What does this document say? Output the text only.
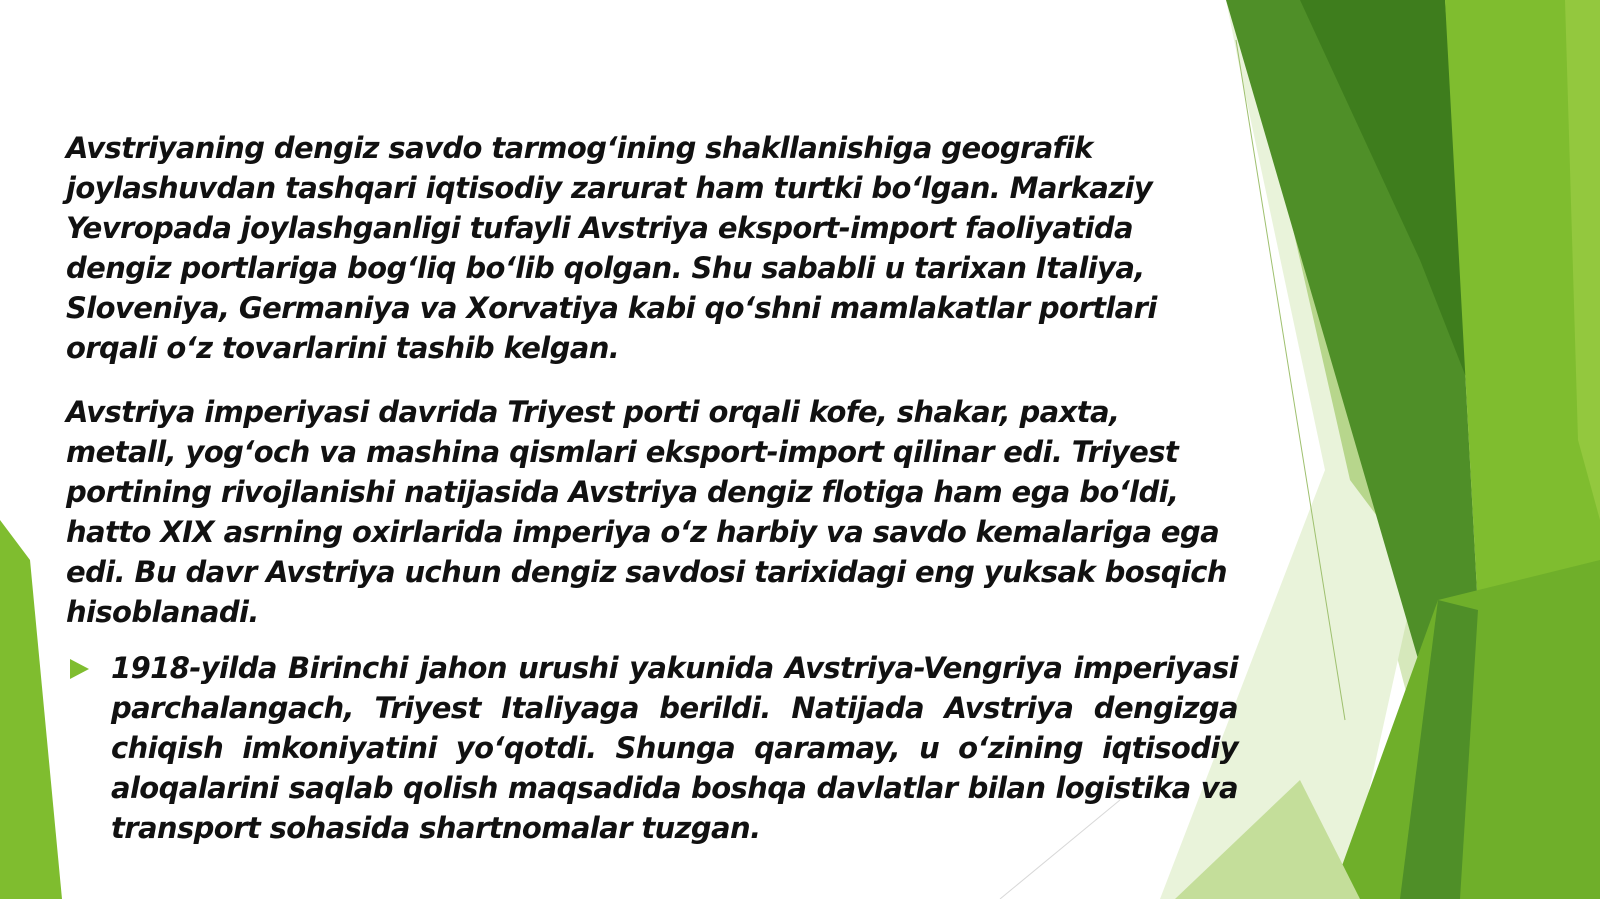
Avstriyaning dengiz savdo tarmog‘ining shakllanishiga geografik joylashuvdan tashqari iqtisodiy zarurat ham turtki bo‘lgan. Markaziy Yevropada joylashganligi tufayli Avstriya eksport-import faoliyatida dengiz portlariga bog‘liq bo‘lib qolgan. Shu sababli u tarixan Italiya, Sloveniya, Germaniya va Xorvatiya kabi qo‘shni mamlakatlar portlari orqali o‘z tovarlarini tashib kelgan.

Avstriya imperiyasi davrida Triyest porti orqali kofe, shakar, paxta, metall, yog‘och va mashina qismlari eksport-import qilinar edi. Triyest portining rivojlanishi natijasida Avstriya dengiz flotiga ham ega bo‘ldi, hatto XIX asrning oxirlarida imperiya o‘z harbiy va savdo kemalariga ega edi. Bu davr Avstriya uchun dengiz savdosi tarixidagi eng yuksak bosqich hisoblanadi.

1918-yilda Birinchi jahon urushi yakunida Avstriya-Vengriya imperiyasi parchalangach, Triyest Italiyaga berildi. Natijada Avstriya dengizga chiqish imkoniyatini yo‘qotdi. Shunga qaramay, u o‘zining iqtisodiy aloqalarini saqlab qolish maqsadida boshqa davlatlar bilan logistika va transport sohasida shartnomalar tuzgan.
